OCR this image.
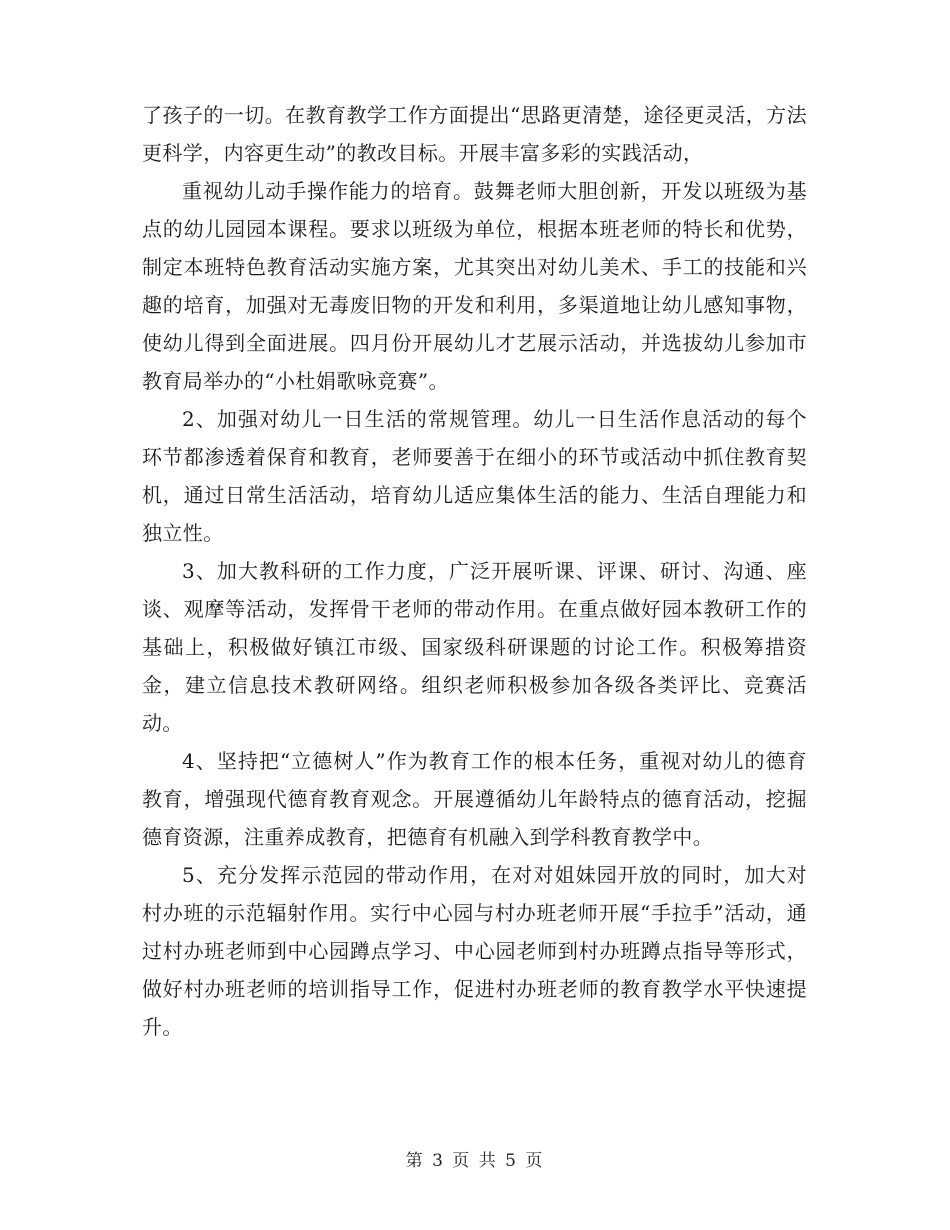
了孩子的一切。在教育教学工作方面提出“思路更清楚，途径更灵活，方法更科学，内容更生动”的教改目标。开展丰富多彩的实践活动，

重视幼儿动手操作能力的培育。鼓舞老师大胆创新，开发以班级为基点的幼儿园园本课程。要求以班级为单位，根据本班老师的特长和优势，制定本班特色教育活动实施方案，尤其突出对幼儿美术、手工的技能和兴趣的培育，加强对无毒废旧物的开发和利用，多渠道地让幼儿感知事物，使幼儿得到全面进展。四月份开展幼儿才艺展示活动，并选拔幼儿参加市教育局举办的“小杜娟歌咏竞赛”。

2、加强对幼儿一日生活的常规管理。幼儿一日生活作息活动的每个环节都渗透着保育和教育，老师要善于在细小的环节或活动中抓住教育契机，通过日常生活活动，培育幼儿适应集体生活的能力、生活自理能力和独立性。

3、加大教科研的工作力度，广泛开展听课、评课、研讨、沟通、座谈、观摩等活动，发挥骨干老师的带动作用。在重点做好园本教研工作的基础上，积极做好镇江市级、国家级科研课题的讨论工作。积极筹措资金，建立信息技术教研网络。组织老师积极参加各级各类评比、竞赛活动。

4、坚持把“立德树人”作为教育工作的根本任务，重视对幼儿的德育教育，增强现代德育教育观念。开展遵循幼儿年龄特点的德育活动，挖掘德育资源，注重养成教育，把德育有机融入到学科教育教学中。

5、充分发挥示范园的带动作用，在对对姐妹园开放的同时，加大对村办班的示范辐射作用。实行中心园与村办班老师开展“手拉手”活动，通过村办班老师到中心园蹲点学习、中心园老师到村办班蹲点指导等形式，做好村办班老师的培训指导工作，促进村办班老师的教育教学水平快速提升。

第 3 页 共 5 页
